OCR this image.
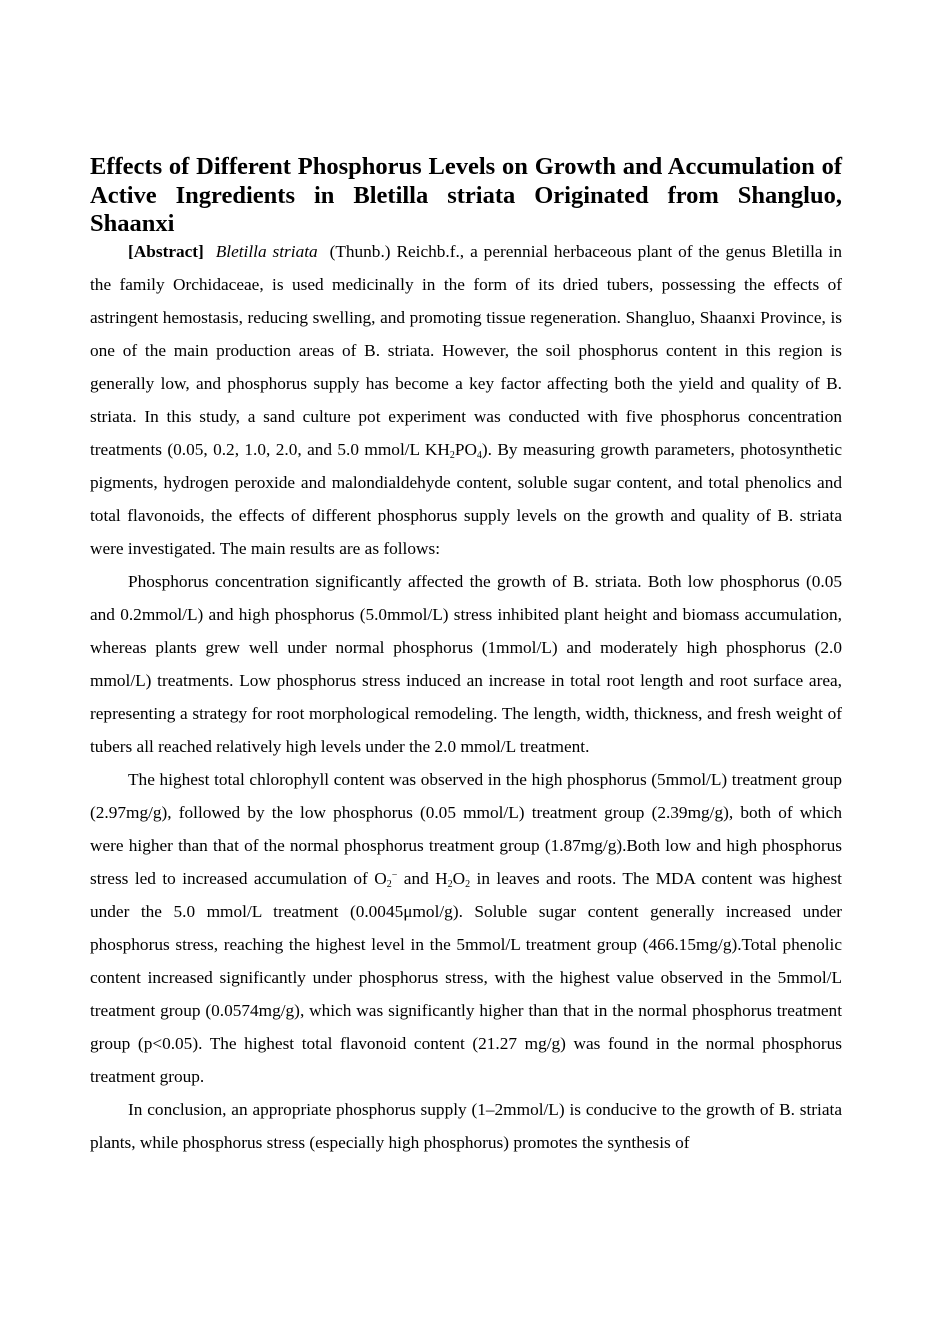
Effects of Different Phosphorus Levels on Growth and Accumulation of Active Ingredients in Bletilla striata Originated from Shangluo, Shaanxi

[Abstract] Bletilla striata  (Thunb.) Reichb.f., a perennial herbaceous plant of the genus Bletilla in the family Orchidaceae, is used medicinally in the form of its dried tubers, possessing the effects of astringent hemostasis, reducing swelling, and promoting tissue regeneration. Shangluo, Shaanxi Province, is one of the main production areas of B. striata. However, the soil phosphorus content in this region is generally low, and phosphorus supply has become a key factor affecting both the yield and quality of B. striata. In this study, a sand culture pot experiment was conducted with five phosphorus concentration treatments (0.05, 0.2, 1.0, 2.0, and 5.0 mmol/L $KH_2PO_4$). By measuring growth parameters, photosynthetic pigments, hydrogen peroxide and malondialdehyde content, soluble sugar content, and total phenolics and total flavonoids, the effects of different phosphorus supply levels on the growth and quality of B. striata were investigated. The main results are as follows:

Phosphorus concentration significantly affected the growth of B. striata. Both low phosphorus (0.05 and 0.2mmol/L) and high phosphorus (5.0mmol/L) stress inhibited plant height and biomass accumulation, whereas plants grew well under normal phosphorus (1mmol/L) and moderately high phosphorus (2.0 mmol/L) treatments. Low phosphorus stress induced an increase in total root length and root surface area, representing a strategy for root morphological remodeling. The length, width, thickness, and fresh weight of tubers all reached relatively high levels under the 2.0 mmol/L treatment.

The highest total chlorophyll content was observed in the high phosphorus (5mmol/L) treatment group (2.97mg/g), followed by the low phosphorus (0.05 mmol/L) treatment group (2.39mg/g), both of which were higher than that of the normal phosphorus treatment group (1.87mg/g).Both low and high phosphorus stress led to increased accumulation of $O_2^-$ and $H_2O_2$ in leaves and roots. The MDA content was highest under the 5.0 mmol/L treatment (0.0045μmol/g). Soluble sugar content generally increased under phosphorus stress, reaching the highest level in the 5mmol/L treatment group (466.15mg/g).Total phenolic content increased significantly under phosphorus stress, with the highest value observed in the 5mmol/L treatment group (0.0574mg/g), which was significantly higher than that in the normal phosphorus treatment group (p<0.05). The highest total flavonoid content (21.27 mg/g) was found in the normal phosphorus treatment group.

In conclusion, an appropriate phosphorus supply (1–2mmol/L) is conducive to the growth of B. striata plants, while phosphorus stress (especially high phosphorus) promotes the synthesis of
